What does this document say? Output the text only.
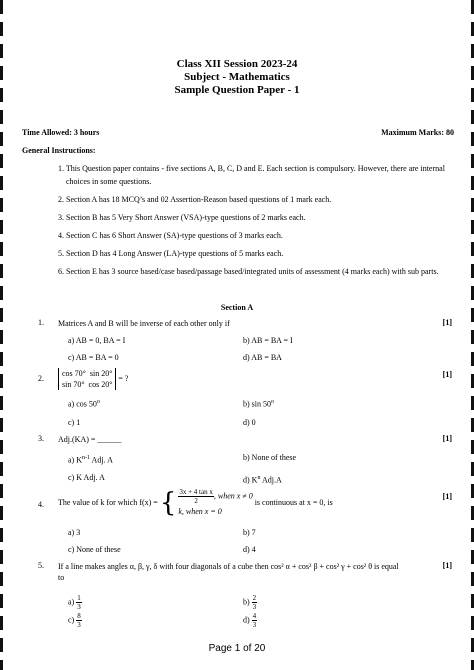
Class XII Session 2023-24
Subject - Mathematics
Sample Question Paper - 1
Time Allowed: 3 hours	Maximum Marks: 80
General Instructions:
1. This Question paper contains - five sections A, B, C, D and E. Each section is compulsory. However, there are internal choices in some questions.
2. Section A has 18 MCQ’s and 02 Assertion-Reason based questions of 1 mark each.
3. Section B has 5 Very Short Answer (VSA)-type questions of 2 marks each.
4. Section C has 6 Short Answer (SA)-type questions of 3 marks each.
5. Section D has 4 Long Answer (LA)-type questions of 5 marks each.
6. Section E has 3 source based/case based/passage based/integrated units of assessment (4 marks each) with sub parts.
Section A
1. Matrices A and B will be inverse of each other only if	[1]
a) AB = 0, BA = I	b) AB = BA = I
c) AB = BA = 0	d) AB = BA
2.
cos 70° sin 20°
sin 70° cos 20° = ?	[1]
a) cos 50$^o$	b) sin 50$^o$
c) 1	d) 0
3. Adj.(KA) = ______	[1]
a) $K^{n-1}$ Adj. A	b) None of these
c) K Adj. A	d) $K^n$ Adj.A
4. The value of k for which f(x) = { $\frac{\text{3x + 4 tan x}}{2}$ , when x ≠ 0
k, when x = 0 is continuous at x = 0, is
[1]
a) 3	b) 7
c) None of these	d) 4
5. If a line makes angles α, β, γ, δ with four diagonals of a cube then cos² α + cos² β + cos² γ + cos² θ is equal
to
[1]
$a) \frac{1}{3}$	$b) \frac{2}{3}$
$c) \frac{8}{3}$	$d) \frac{4}{3}$
Page 1 of 20
